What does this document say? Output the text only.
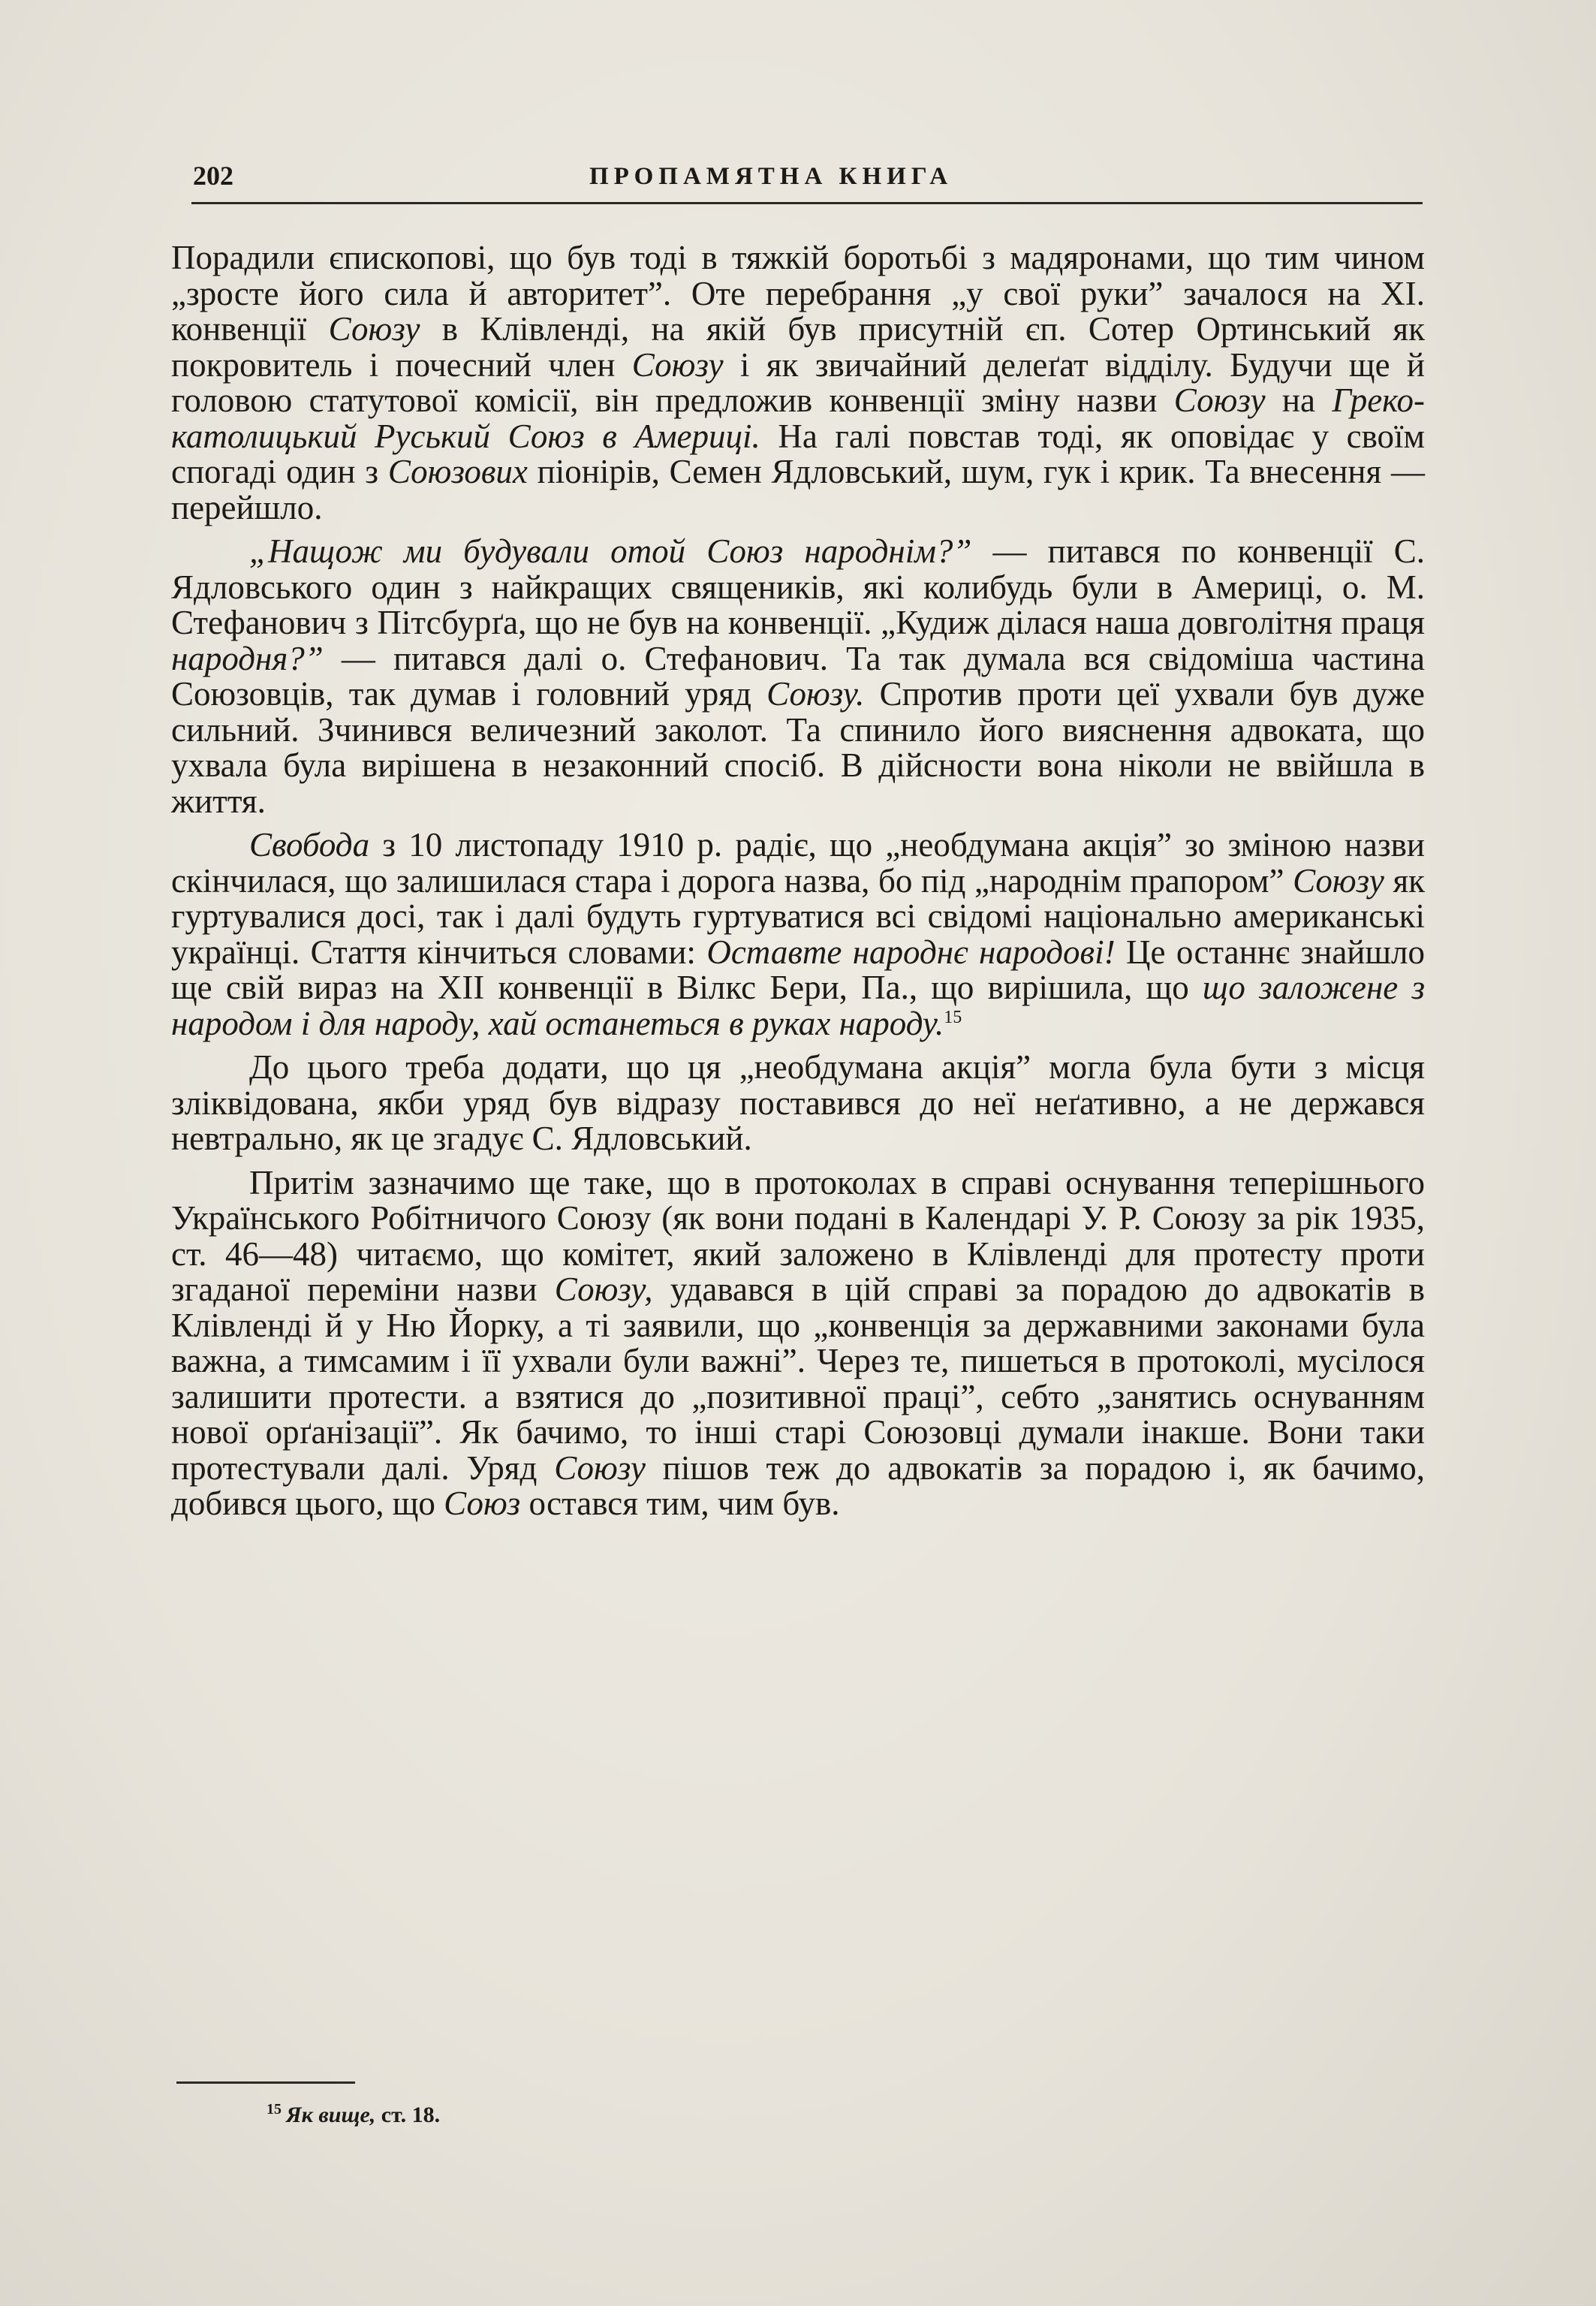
202	ПРОПАМЯТНА КНИГА

Порадили єпископові, що був тоді в тяжкій боротьбі з мадяронами, що тим чином „зросте його сила й авторитет”. Оте перебрання „у свої руки” зачалося на XI. конвенції Союзу в Клівленді, на якій був присутній єп. Сотер Ортинський як покровитель і почесний член Союзу і як звичайний делеґат відділу. Будучи ще й головою статутової комісії, він предложив конвенції зміну назви Союзу на Греко-католицький Руський Союз в Америці. На галі повстав тоді, як оповідає у своїм спогаді один з Союзових піонірів, Семен Ядловський, шум, гук і крик. Та внесення — перейшло.

„Нащож ми будували отой Союз народнім?” — питався по конвенції С. Ядловського один з найкращих священиків, які колибудь були в Америці, о. М. Стефанович з Пітсбурґа, що не був на конвенції. „Кудиж ділася наша довголітня праця народня?” — питався далі о. Стефанович. Та так думала вся свідоміша частина Союзовців, так думав і головний уряд Союзу. Спротив проти цеї ухвали був дуже сильний. Зчинився величезний заколот. Та спинило його вияснення адвоката, що ухвала була вирішена в незаконний спосіб. В дійсности вона ніколи не ввійшла в життя.

Свобода з 10 листопаду 1910 р. радіє, що „необдумана акція” зо зміною назви скінчилася, що залишилася стара і дорога назва, бо під „народнім прапором” Союзу як гуртувалися досі, так і далі будуть гуртуватися всі свідомі національно американські українці. Стаття кінчиться словами: Оставте народнє народові! Це останнє знайшло ще свій вираз на XII конвенції в Вілкс Бери, Па., що вирішила, що що заложене з народом і для народу, хай останеться в руках народу.$^{15}$

До цього треба додати, що ця „необдумана акція” могла була бути з місця зліквідована, якби уряд був відразу поставився до неї неґативно, а не держався невтрально, як це згадує С. Ядловський.

Притім зазначимо ще таке, що в протоколах в справі оснування теперішнього Українського Робітничого Союзу (як вони подані в Календарі У. Р. Союзу за рік 1935, ст. 46—48) читаємо, що комітет, який заложено в Клівленді для протесту проти згаданої переміни назви Союзу, удавався в цій справі за порадою до адвокатів в Клівленді й у Ню Йорку, а ті заявили, що „конвенція за державними законами була важна, а тимсамим і її ухвали були важні”. Через те, пишеться в протоколі, мусілося залишити протести. а взятися до „позитивної праці”, себто „занятись оснуванням нової орґанізації”. Як бачимо, то інші старі Союзовці думали інакше. Вони таки протестували далі. Уряд Союзу пішов теж до адвокатів за порадою і, як бачимо, добився цього, що Союз остався тим, чим був.

$^{15}$ Як вище, ст. 18.
